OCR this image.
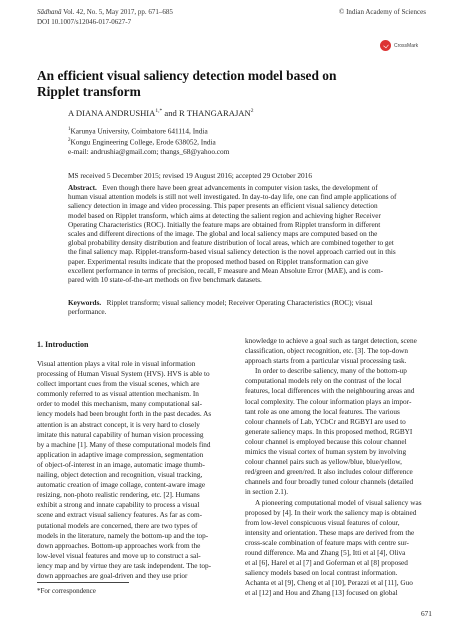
Sādhanā Vol. 42, No. 5, May 2017, pp. 671–685
DOI 10.1007/s12046-017-0627-7
© Indian Academy of Sciences
CrossMark
An efficient visual saliency detection model based on Ripplet transform
A DIANA $ANDRUSHIA^{1,*}$ and R THANGARAJAN$^2$
$^1$Karunya University, Coimbatore 641114, India
$^2$Kongu Engineering College, Erode 638052, India
e-mail: andrushia@gmail.com; thangs_68@yahoo.com
MS received 5 December 2015; revised 19 August 2016; accepted 29 October 2016
Abstract. Even though there have been great advancements in computer vision tasks, the development of
human visual attention models is still not well investigated. In day-to-day life, one can find ample applications of
saliency detection in image and video processing. This paper presents an efficient visual saliency detection
model based on Ripplet transform, which aims at detecting the salient region and achieving higher Receiver
Operating Characteristics (ROC). Initially the feature maps are obtained from Ripplet transform in different
scales and different directions of the image. The global and local saliency maps are computed based on the
global probability density distribution and feature distribution of local areas, which are combined together to get
the final saliency map. Ripplet-transform-based visual saliency detection is the novel approach carried out in this
paper. Experimental results indicate that the proposed method based on Ripplet transformation can give
excellent performance in terms of precision, recall, F measure and Mean Absolute Error (MAE), and is com-
pared with 10 state-of-the-art methods on five benchmark datasets.
Keywords. Ripplet transform; visual saliency model; Receiver Operating Characteristics (ROC); visual
performance.
1. Introduction
Visual attention plays a vital role in visual information
processing of Human Visual System (HVS). HVS is able to
collect important cues from the visual scenes, which are
commonly referred to as visual attention mechanism. In
order to model this mechanism, many computational sal-
iency models had been brought forth in the past decades. As
attention is an abstract concept, it is very hard to closely
imitate this natural capability of human vision processing
by a machine [1]. Many of these computational models find
application in adaptive image compression, segmentation
of object-of-interest in an image, automatic image thumb-
nailing, object detection and recognition, visual tracking,
automatic creation of image collage, content-aware image
resizing, non-photo realistic rendering, etc. [2]. Humans
exhibit a strong and innate capability to process a visual
scene and extract visual saliency features. As far as com-
putational models are concerned, there are two types of
models in the literature, namely the bottom-up and the top-
down approaches. Bottom-up approaches work from the
low-level visual features and move up to construct a sal-
iency map and by virtue they are task independent. The top-
down approaches are goal-driven and they use prior
*For correspondence
knowledge to achieve a goal such as target detection, scene
classification, object recognition, etc. [3]. The top-down
approach starts from a particular visual processing task.
In order to describe saliency, many of the bottom-up
computational models rely on the contrast of the local
features, local differences with the neighbouring areas and
local complexity. The colour information plays an impor-
tant role as one among the local features. The various
colour channels of Lab, YCbCr and RGBYI are used to
generate saliency maps. In this proposed method, RGBYI
colour channel is employed because this colour channel
mimics the visual cortex of human system by involving
colour channel pairs such as yellow/blue, blue/yellow,
red/green and green/red. It also includes colour difference
channels and four broadly tuned colour channels (detailed
in section 2.1).
A pioneering computational model of visual saliency was
proposed by [4]. In their work the saliency map is obtained
from low-level conspicuous visual features of colour,
intensity and orientation. These maps are derived from the
cross-scale combination of feature maps with centre sur-
round difference. Ma and Zhang [5], Itti et al [4], Oliva
et al [6], Harel et al [7] and Goferman et al [8] proposed
saliency models based on local contrast information.
Achanta et al [9], Cheng et al [10], Perazzi et al [11], Guo
et al [12] and Hou and Zhang [13] focused on global
671
